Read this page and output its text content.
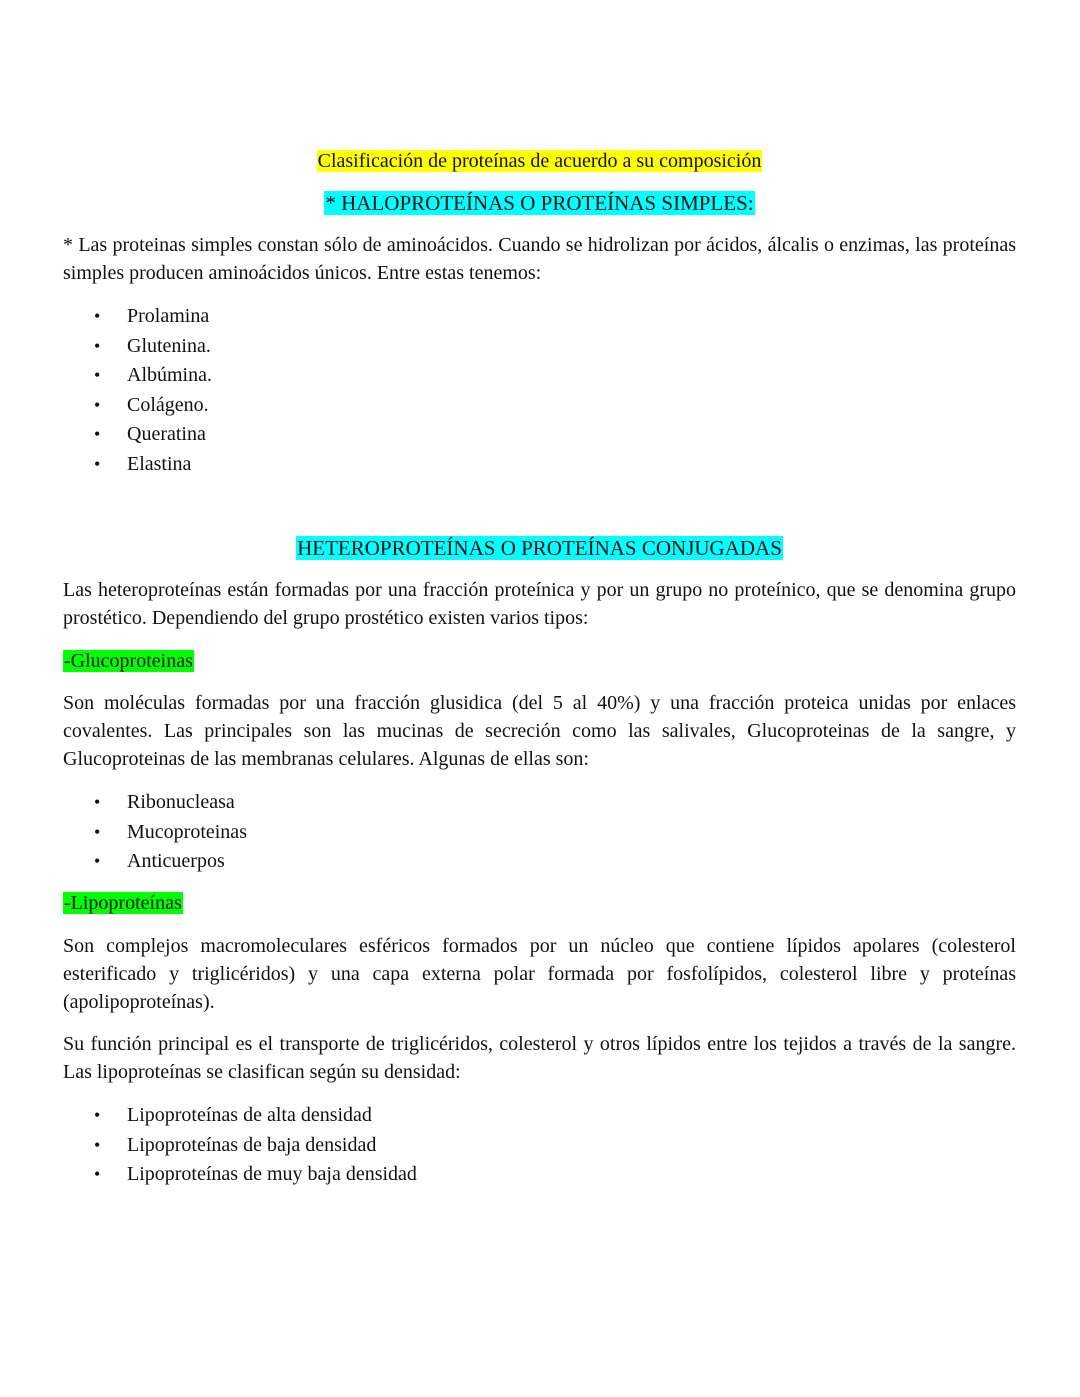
Clasificación de proteínas de acuerdo a su composición
* HALOPROTEÍNAS O PROTEÍNAS SIMPLES:
* Las proteinas simples constan sólo de aminoácidos. Cuando se hidrolizan por ácidos, álcalis o enzimas, las proteínas simples producen aminoácidos únicos. Entre estas tenemos:
• Prolamina
• Glutenina.
• Albúmina.
• Colágeno.
• Queratina
• Elastina
HETEROPROTEÍNAS O PROTEÍNAS CONJUGADAS
Las heteroproteínas están formadas por una fracción proteínica y por un grupo no proteínico, que se denomina grupo prostético. Dependiendo del grupo prostético existen varios tipos:
-Glucoproteinas
Son moléculas formadas por una fracción glusidica (del 5 al 40%) y una fracción proteica unidas por enlaces covalentes. Las principales son las mucinas de secreción como las salivales, Glucoproteinas de la sangre, y Glucoproteinas de las membranas celulares. Algunas de ellas son:
• Ribonucleasa
• Mucoproteinas
• Anticuerpos
-Lipoproteínas
Son complejos macromoleculares esféricos formados por un núcleo que contiene lípidos apolares (colesterol esterificado y triglicéridos) y una capa externa polar formada por fosfolípidos, colesterol libre y proteínas (apolipoproteínas).
Su función principal es el transporte de triglicéridos, colesterol y otros lípidos entre los tejidos a través de la sangre. Las lipoproteínas se clasifican según su densidad:
• Lipoproteínas de alta densidad
• Lipoproteínas de baja densidad
• Lipoproteínas de muy baja densidad
